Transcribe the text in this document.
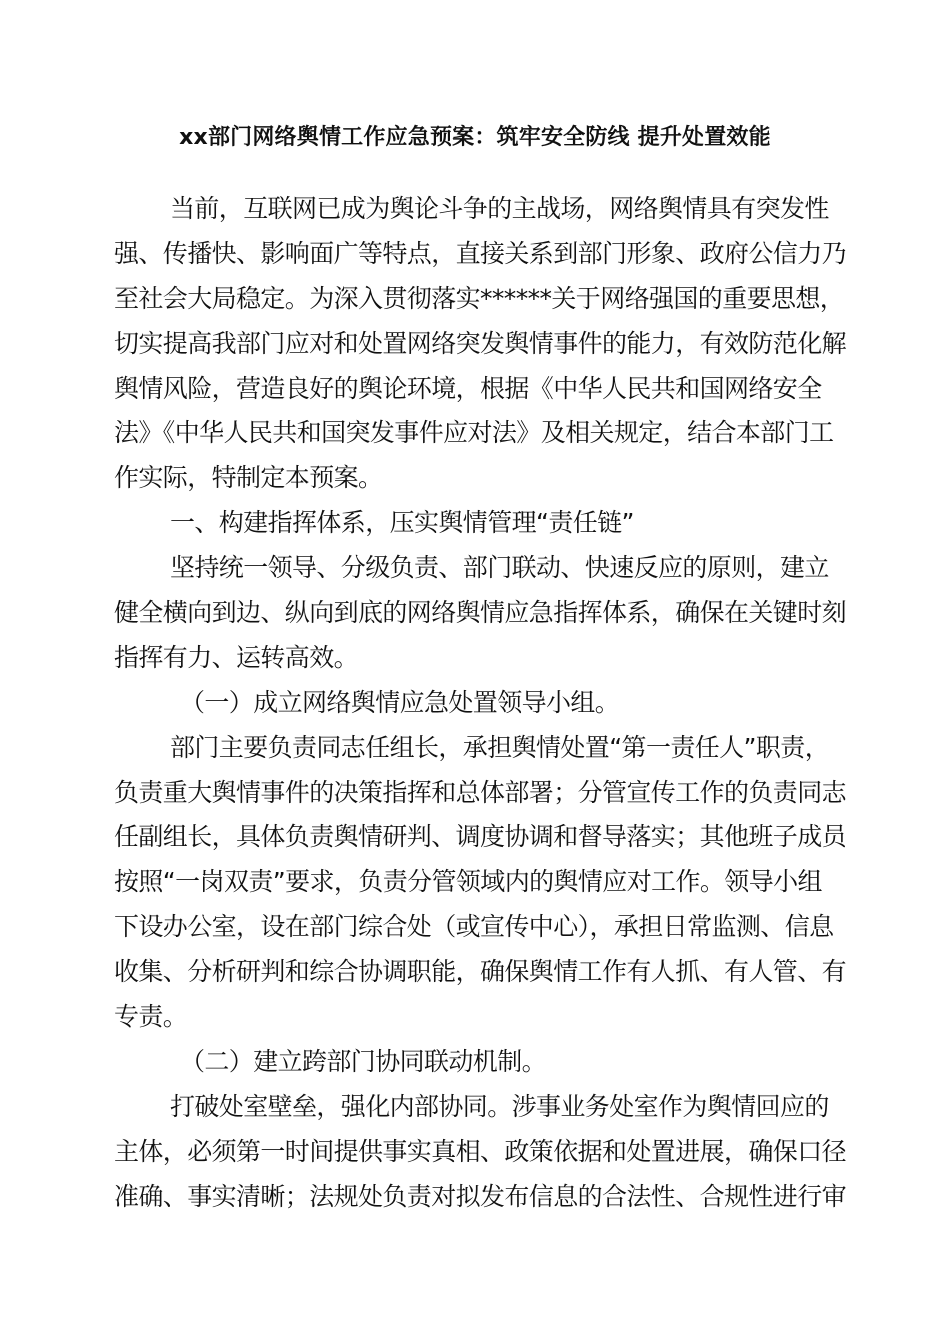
xx部门网络舆情工作应急预案：筑牢安全防线 提升处置效能
当前，互联网已成为舆论斗争的主战场，网络舆情具有突发性
强、传播快、影响面广等特点，直接关系到部门形象、政府公信力乃
至社会大局稳定。为深入贯彻落实******关于网络强国的重要思想，
切实提高我部门应对和处置网络突发舆情事件的能力，有效防范化解
舆情风险，营造良好的舆论环境，根据《中华人民共和国网络安全
法》《中华人民共和国突发事件应对法》及相关规定，结合本部门工
作实际，特制定本预案。
一、构建指挥体系，压实舆情管理“责任链”
坚持统一领导、分级负责、部门联动、快速反应的原则，建立
健全横向到边、纵向到底的网络舆情应急指挥体系，确保在关键时刻
指挥有力、运转高效。
（一）成立网络舆情应急处置领导小组。
部门主要负责同志任组长，承担舆情处置“第一责任人”职责，
负责重大舆情事件的决策指挥和总体部署；分管宣传工作的负责同志
任副组长，具体负责舆情研判、调度协调和督导落实；其他班子成员
按照“一岗双责”要求，负责分管领域内的舆情应对工作。领导小组
下设办公室，设在部门综合处（或宣传中心），承担日常监测、信息
收集、分析研判和综合协调职能，确保舆情工作有人抓、有人管、有
专责。
（二）建立跨部门协同联动机制。
打破处室壁垒，强化内部协同。涉事业务处室作为舆情回应的
主体，必须第一时间提供事实真相、政策依据和处置进展，确保口径
准确、事实清晰；法规处负责对拟发布信息的合法性、合规性进行审
